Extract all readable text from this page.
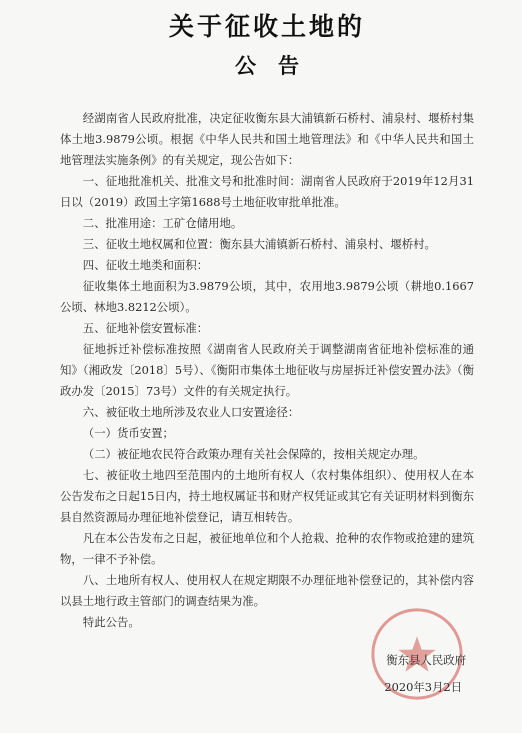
关于征收土地的
公告

经湖南省人民政府批准，决定征收衡东县大浦镇新石桥村、浦泉村、堰桥村集体土地3.9879公顷。根据《中华人民共和国土地管理法》和《中华人民共和国土地管理法实施条例》的有关规定，现公告如下：

一、征地批准机关、批准文号和批准时间：湖南省人民政府于2019年12月31日以（2019）政国土字第1688号土地征收审批单批准。

二、批准用途：工矿仓储用地。

三、征收土地权属和位置：衡东县大浦镇新石桥村、浦泉村、堰桥村。

四、征收土地类和面积：

征收集体土地面积为3.9879公顷，其中，农用地3.9879公顷（耕地0.1667公顷、林地3.8212公顷）。

五、征地补偿安置标准：

征地拆迁补偿标准按照《湖南省人民政府关于调整湖南省征地补偿标准的通知》（湘政发〔2018〕5号）、《衡阳市集体土地征收与房屋拆迁补偿安置办法》（衡政办发〔2015〕73号）文件的有关规定执行。

六、被征收土地所涉及农业人口安置途径：

（一）货币安置；

（二）被征地农民符合政策办理有关社会保障的，按相关规定办理。

七、被征收土地四至范围内的土地所有权人（农村集体组织）、使用权人在本公告发布之日起15日内，持土地权属证书和财产权凭证或其它有关证明材料到衡东县自然资源局办理征地补偿登记，请互相转告。

凡在本公告发布之日起，被征地单位和个人抢栽、抢种的农作物或抢建的建筑物，一律不予补偿。

八、土地所有权人、使用权人在规定期限不办理征地补偿登记的，其补偿内容以县土地行政主管部门的调查结果为准。

特此公告。

衡东县人民政府
2020年3月2日
